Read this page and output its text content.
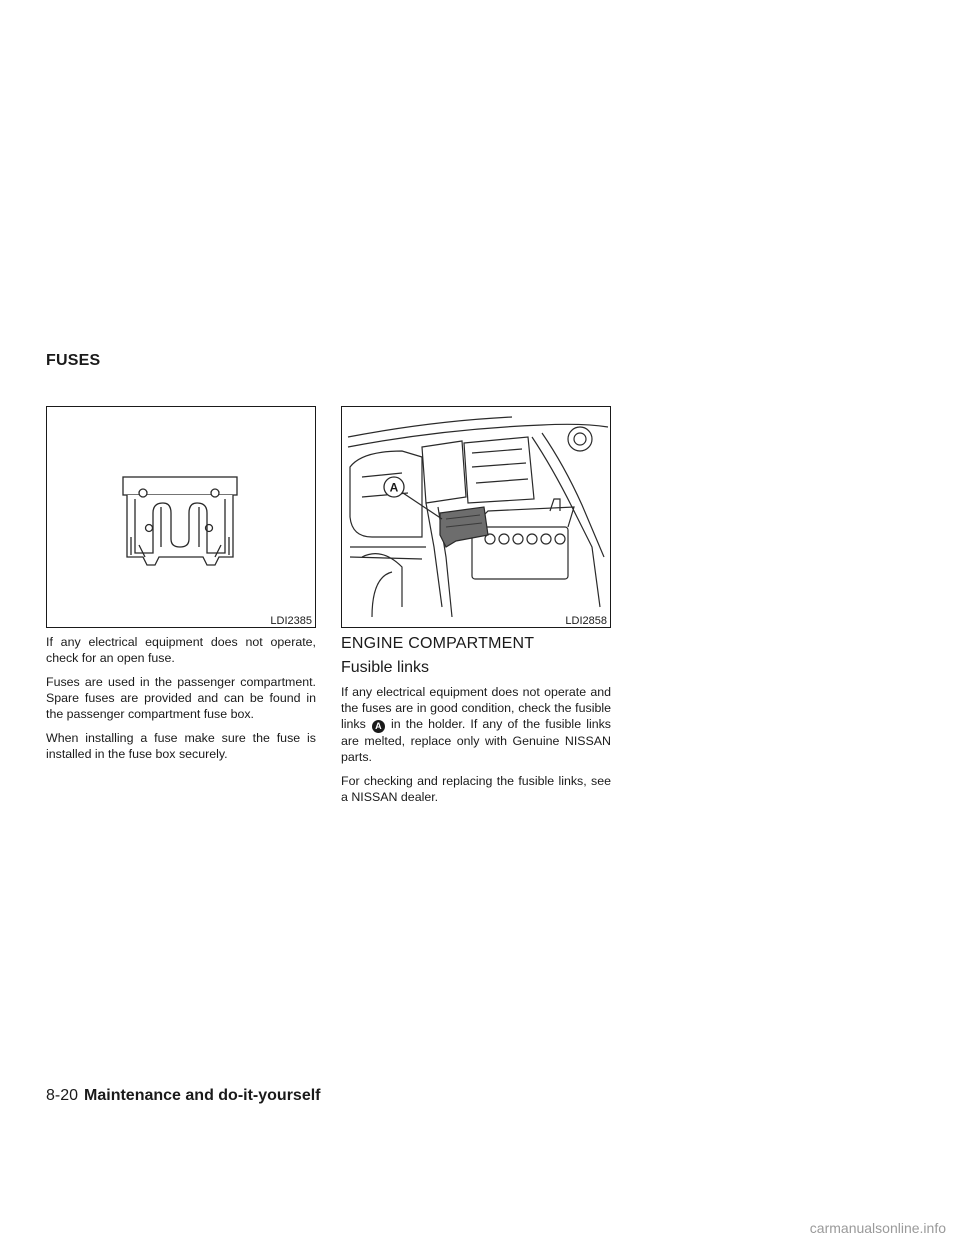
FUSES
LDI2385
A
LDI2858

If any electrical equipment does not operate, check for an open fuse.

Fuses are used in the passenger compartment. Spare fuses are provided and can be found in the passenger compartment fuse box.

When installing a fuse make sure the fuse is installed in the fuse box securely.

ENGINE COMPARTMENT
Fusible links

If any electrical equipment does not operate and the fuses are in good condition, check the fusible links A in the holder. If any of the fusible links are melted, replace only with Genuine NISSAN parts.

For checking and replacing the fusible links, see a NISSAN dealer.

8-20 Maintenance and do-it-yourself
carmanualsonline.info
